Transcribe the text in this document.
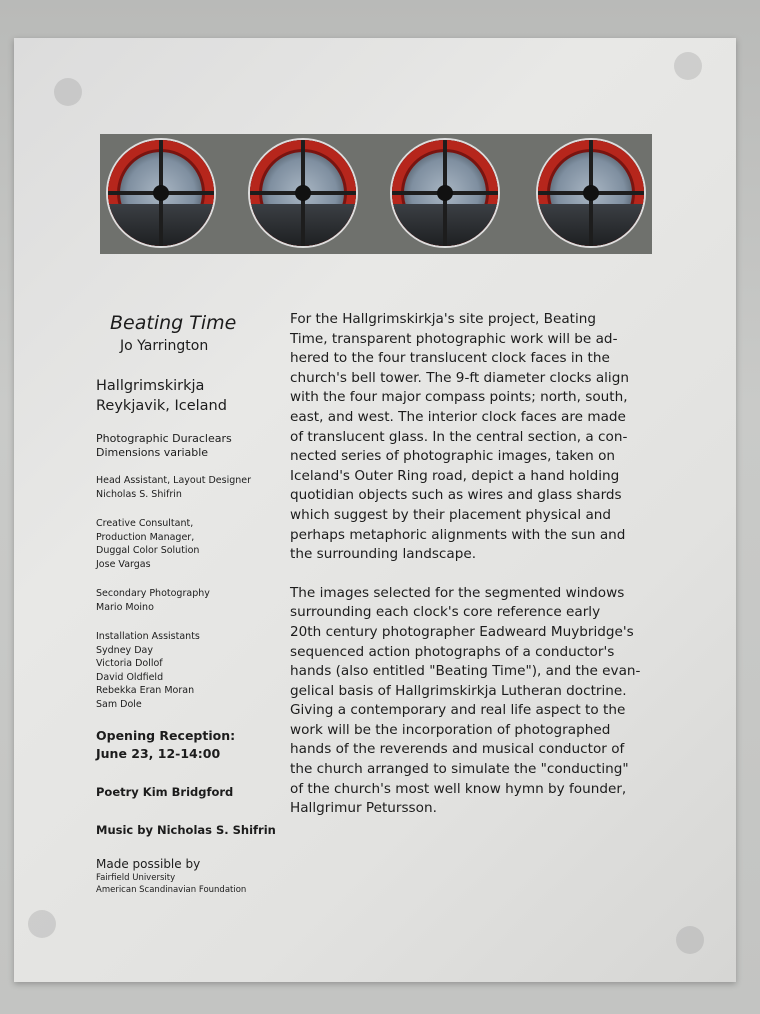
Beating Time
Jo Yarrington
Hallgrimskirkja
Reykjavik, Iceland
Photographic Duraclears
Dimensions variable
Head Assistant, Layout Designer
Nicholas S. Shifrin
Creative Consultant,
Production Manager,
Duggal Color Solution
Jose Vargas
Secondary Photography
Mario Moino
Installation Assistants
Sydney Day
Victoria Dollof
David Oldfield
Rebekka Eran Moran
Sam Dole
Opening Reception:
June 23, 12-14:00
Poetry Kim Bridgford
Music by Nicholas S. Shifrin
Made possible by
Fairfield University
American Scandinavian Foundation

For the Hallgrimskirkja's site project, Beating
Time, transparent photographic work will be ad-
hered to the four translucent clock faces in the
church's bell tower. The 9-ft diameter clocks align
with the four major compass points; north, south,
east, and west. The interior clock faces are made
of translucent glass. In the central section, a con-
nected series of photographic images, taken on
Iceland's Outer Ring road, depict a hand holding
quotidian objects such as wires and glass shards
which suggest by their placement physical and
perhaps metaphoric alignments with the sun and
the surrounding landscape.

The images selected for the segmented windows
surrounding each clock's core reference early
20th century photographer Eadweard Muybridge's
sequenced action photographs of a conductor's
hands (also entitled "Beating Time"), and the evan-
gelical basis of Hallgrimskirkja Lutheran doctrine.
Giving a contemporary and real life aspect to the
work will be the incorporation of photographed
hands of the reverends and musical conductor of
the church arranged to simulate the "conducting"
of the church's most well know hymn by founder,
Hallgrimur Petursson.
